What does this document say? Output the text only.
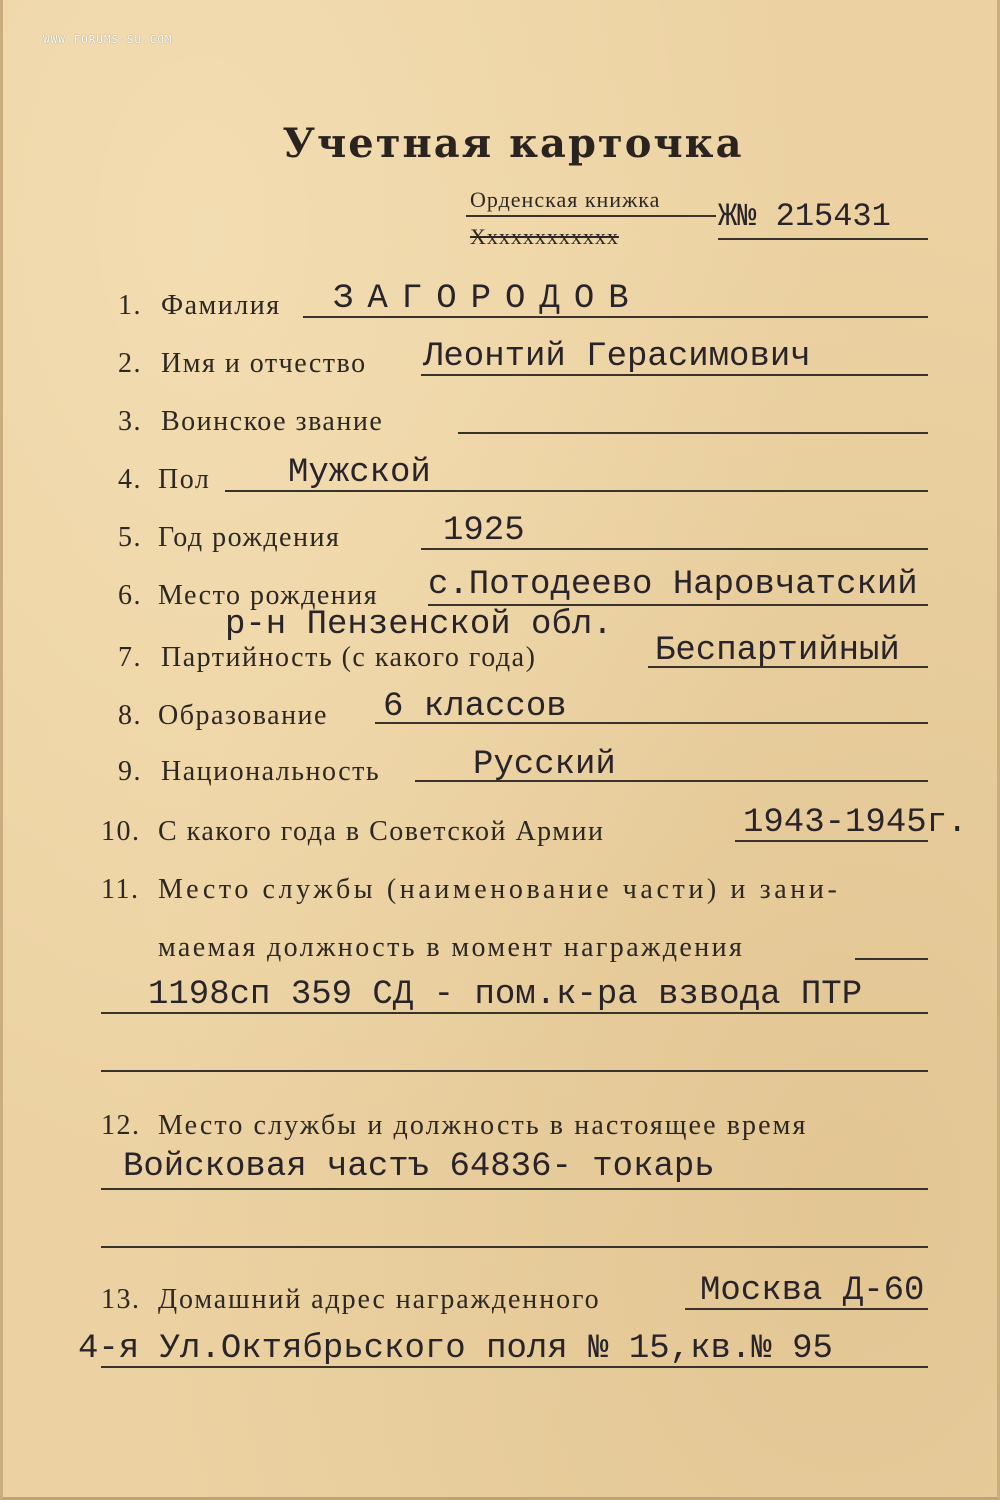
WWW.FORUMS-SU.COM
Учетная карточка
Орденская книжка
Хххххххххххх
Ж№ 215431
1. Фамилия ЗАГОРОДОВ
2. Имя и отчество Леонтий Герасимович
3. Воинское звание
4. Пол Мужской
5. Год рождения	1925
6. Место рождения с.Потодеево Наровчатский
р-н Пензенской обл.
7. Партийность (с какого года)	Беспартийный
8. Образование 6 классов
9. Национальность	Русский
10. С какого года в Советской Армии	1943-1945г.
11. Место службы (наименование части) и зани-
маемая должность в момент награждения
1198сп 359 СД - пом.к-ра взвода ПТР
12. Место службы и должность в настоящее время
Войсковая частъ 64836- токарь
13. Домашний адрес награжденного	Москва Д-60
4-я Ул.Октябрьского поля № 15,кв.№ 95
